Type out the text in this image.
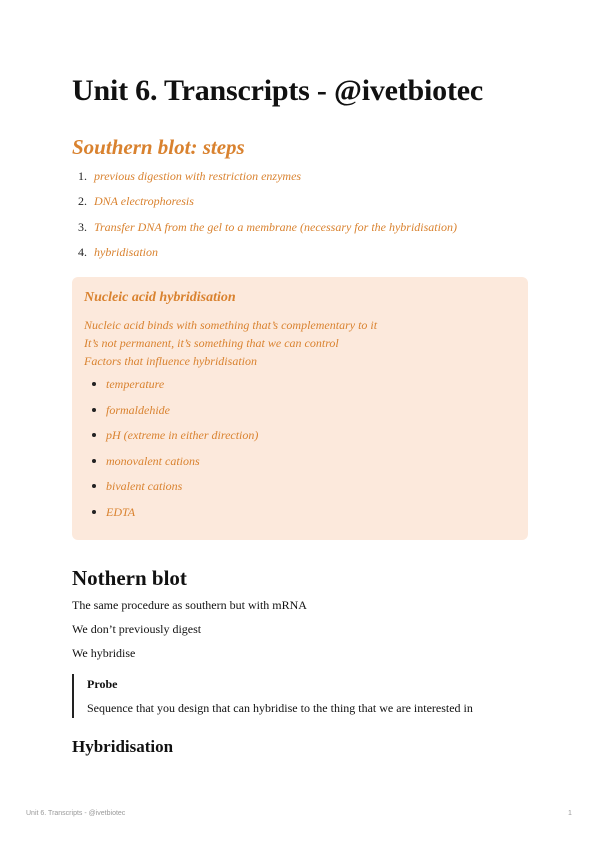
Unit 6. Transcripts - @ivetbiotec
Southern blot: steps
1. previous digestion with restriction enzymes
2. DNA electrophoresis
3. Transfer DNA from the gel to a membrane (necessary for the hybridisation)
4. hybridisation
Nucleic acid hybridisation

Nucleic acid binds with something that’s complementary to it

It’s not permanent, it’s something that we can control

Factors that influence hybridisation

temperature
formaldehide
pH (extreme in either direction)
monovalent cations
bivalent cations
EDTA
Nothern blot

The same procedure as southern but with mRNA

We don’t previously digest

We hybridise

Probe

Sequence that you design that can hybridise to the thing that we are interested in

Hybridisation

Unit 6. Transcripts - @ivetbiotec	1
